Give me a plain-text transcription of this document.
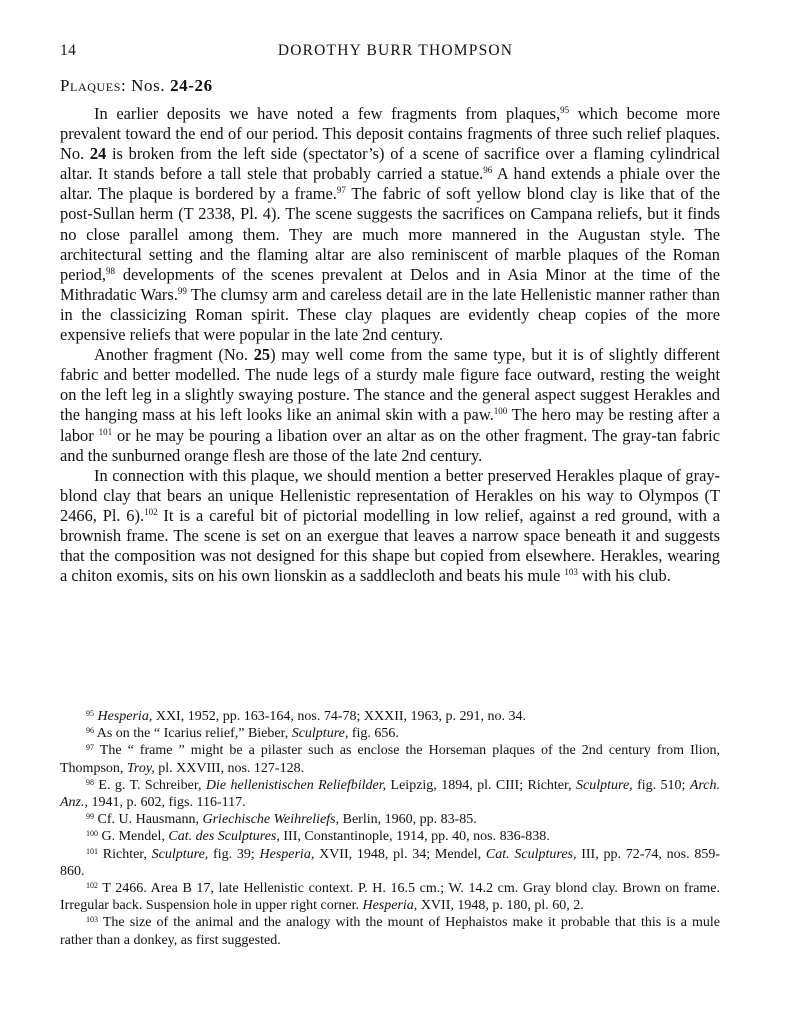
14	DOROTHY BURR THOMPSON
Plaques: Nos. 24-26

In earlier deposits we have noted a few fragments from plaques,$^{95}$ which become more prevalent toward the end of our period. This deposit contains fragments of three such relief plaques. No. 24 is broken from the left side (spectator’s) of a scene of sacrifice over a flaming cylindrical altar. It stands before a tall stele that probably carried a statue.$^{96}$ A hand extends a phiale over the altar. The plaque is bordered by a frame.$^{97}$ The fabric of soft yellow blond clay is like that of the post-Sullan herm (T 2338, Pl. 4). The scene suggests the sacrifices on Campana reliefs, but it finds no close parallel among them. They are much more mannered in the Augustan style. The architectural setting and the flaming altar are also reminiscent of marble plaques of the Roman period,$^{98}$ developments of the scenes prevalent at Delos and in Asia Minor at the time of the Mithradatic Wars.$^{99}$ The clumsy arm and careless detail are in the late Hellenistic manner rather than in the classicizing Roman spirit. These clay plaques are evidently cheap copies of the more expensive reliefs that were popular in the late 2nd century.

Another fragment (No. 25) may well come from the same type, but it is of slightly different fabric and better modelled. The nude legs of a sturdy male figure face outward, resting the weight on the left leg in a slightly swaying posture. The stance and the general aspect suggest Herakles and the hanging mass at his left looks like an animal skin with a paw.$^{100}$ The hero may be resting after a labor $^{101}$ or he may be pouring a libation over an altar as on the other fragment. The gray-tan fabric and the sunburned orange flesh are those of the late 2nd century.

In connection with this plaque, we should mention a better preserved Herakles plaque of gray-blond clay that bears an unique Hellenistic representation of Herakles on his way to Olympos (T 2466, Pl. 6).$^{102}$ It is a careful bit of pictorial modelling in low relief, against a red ground, with a brownish frame. The scene is set on an exergue that leaves a narrow space beneath it and suggests that the composition was not designed for this shape but copied from elsewhere. Herakles, wearing a chiton exomis, sits on his own lionskin as a saddlecloth and beats his mule $^{103}$ with his club.

$^{95}$ Hesperia, XXI, 1952, pp. 163-164, nos. 74-78; XXXII, 1963, p. 291, no. 34.

$^{96}$ As on the “ Icarius relief,” Bieber, Sculpture, fig. 656.

$^{97}$ The “ frame ” might be a pilaster such as enclose the Horseman plaques of the 2nd century from Ilion, Thompson, Troy, pl. XXVIII, nos. 127-128.

$^{98}$ E. g. T. Schreiber, Die hellenistischen Reliefbilder, Leipzig, 1894, pl. CIII; Richter, Sculpture, fig. 510; Arch. Anz., 1941, p. 602, figs. 116-117.

$^{99}$ Cf. U. Hausmann, Griechische Weihreliefs, Berlin, 1960, pp. 83-85.

$^{100}$ G. Mendel, Cat. des Sculptures, III, Constantinople, 1914, pp. 40, nos. 836-838.

$^{101}$ Richter, Sculpture, fig. 39; Hesperia, XVII, 1948, pl. 34; Mendel, Cat. Sculptures, III, pp. 72-74, nos. 859-860.

$^{102}$ T 2466. Area B 17, late Hellenistic context. P. H. 16.5 cm.; W. 14.2 cm. Gray blond clay. Brown on frame. Irregular back. Suspension hole in upper right corner. Hesperia, XVII, 1948, p. 180, pl. 60, 2.

$^{103}$ The size of the animal and the analogy with the mount of Hephaistos make it probable that this is a mule rather than a donkey, as first suggested.
